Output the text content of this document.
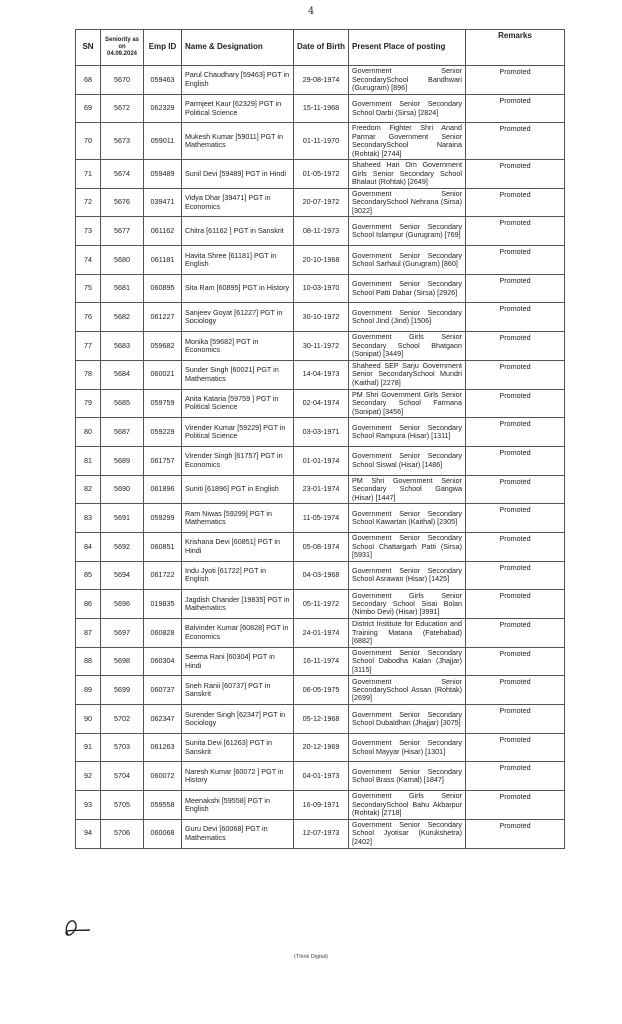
4
SN	Seniority as on 04.09.2024	Emp ID	Name & Designation	Date of Birth	Present Place of posting	Remarks
68	5670	059463	Parul Chaudhary [59463] PGT in English	29-08-1974	Government Senior SecondarySchool Bandhwari (Gurugram) [896]	Promoted
69	5672	062329	Parmjeet Kaur [62329] PGT in Political Science	15-11-1968	Government Senior Secondary School Darbi (Sirsa) [2824]	Promoted
70	5673	059011	Mukesh Kumar [59011] PGT in Mathematics	01-11-1970	Freedom Fighter Shri Anand Parmar Government Senior SecondarySchool Naraina (Rohtak) [2744]	Promoted
71	5674	059489	Sunil Devi [59489] PGT in Hindi	01-05-1972	Shaheed Hari Om Government Girls Senior Secondary School Bhalaut (Rohtak) [2649]	Promoted
72	5676	039471	Vidya Dhar [39471] PGT in Economics	20-07-1972	Government Senior SecondarySchool Nehrana (Sirsa) [3022]	Promoted
73	5677	061162	Chitra [61162 ] PGT in Sanskrit	08-11-1973	Government Senior Secondary School Islampur (Gurugram) [769]	Promoted
74	5680	061181	Havita Shree [61181] PGT in English	20-10-1968	Government Senior Secondary School Sarhaul (Gurugram) [860]	Promoted
75	5681	060895	Sita Ram [60895] PGT in History	10-03-1970	Government Senior Secondary School Patti Dabar (Sirsa) [2926]	Promoted
76	5682	061227	Sanjeev Goyat [61227] PGT in Sociology	30-10-1972	Government Senior Secondary School Jind (Jind) [1506]	Promoted
77	5683	059682	Monika [59682] PGT in Economics	30-11-1972	Government Girls Senior Secondary School Bhatgaon (Sonipat) [3449]	Promoted
78	5684	060021	Sunder Singh [60021] PGT in Mathematics	14-04-1973	Shaheed SEP Sarju Government Senior SecondarySchool Mundri (Kaithal) [2278]	Promoted
79	5685	059759	Anita Kataria [59759 ] PGT in Political Science	02-04-1974	PM Shri Government Girls Senior Secondary School Farmana (Sonipat) [3456]	Promoted
80	5687	059229	Virender Kumar [59229] PGT in Political Science	03-03-1971	Government Senior Secondary School Rampura (Hisar) [1311]	Promoted
81	5689	061757	Virender Singh [61757] PGT in Economics	01-01-1974	Government Senior Secondary School Siswal (Hisar) [1486]	Promoted
82	5690	061896	Suniti [61896] PGT in English	23-01-1974	PM Shri Government Senior Secondary School Gangwa (Hisar) [1447]	Promoted
83	5691	059299	Ram Niwas [59299] PGT in Mathematics	11-05-1974	Government Senior Secondary School Kawartan (Kaithal) [2305]	Promoted
84	5692	060851	Krishana Devi [60851] PGT in Hindi	05-08-1974	Government Senior Secondary School Chattargarh Patti (Sirsa) [5931]	Promoted
85	5694	061722	Indu Jyoti [61722] PGT in English	04-03-1968	Government Senior Secondary School Asrawan (Hisar) [1425]	Promoted
86	5696	019835	Jagdish Chander [19835] PGT in Mathematics	05-11-1972	Government Girls Senior Secondary School Sisai Bolan (Nimbo Devi) (Hisar) [3991]	Promoted
87	5697	060828	Balvinder Kumar [60828] PGT in Economics	24-01-1974	District Institute for Education and Training Matana (Fatehabad) [6882]	Promoted
88	5698	060304	Seema Rani [60304] PGT in Hindi	16-11-1974	Government Senior Secondary School Dabodha Kalan (Jhajjar) [3115]	Promoted
89	5699	060737	Sneh Ranii [60737] PGT in Sanskrit	06-05-1975	Government Senior SecondarySchool Assan (Rohtak) [2699]	Promoted
90	5702	062347	Surender Singh [62347] PGT in Sociology	05-12-1968	Government Senior Secondary School Dubaldhan (Jhajjar) [3075]	Promoted
91	5703	061263	Sunita Devi [61263] PGT in Sanskrit	20-12-1969	Government Senior Secondary School Mayyar (Hisar) [1301]	Promoted
92	5704	060072	Naresh Kumar [60072 ] PGT in History	04-01-1973	Government Senior Secondary School Brass (Karnal) [1847]	Promoted
93	5705	059558	Meenakshi [59558] PGT in English	16-09-1971	Government Girls Senior SecondarySchool Bahu Akbarpur (Rohtak) [2718]	Promoted
94	5706	060068	Guru Devi [60068] PGT in Mathematics	12-07-1973	Government Senior Secondary School Jyotisar (Kurukshetra) [2402]	Promoted
(Think Digital)
